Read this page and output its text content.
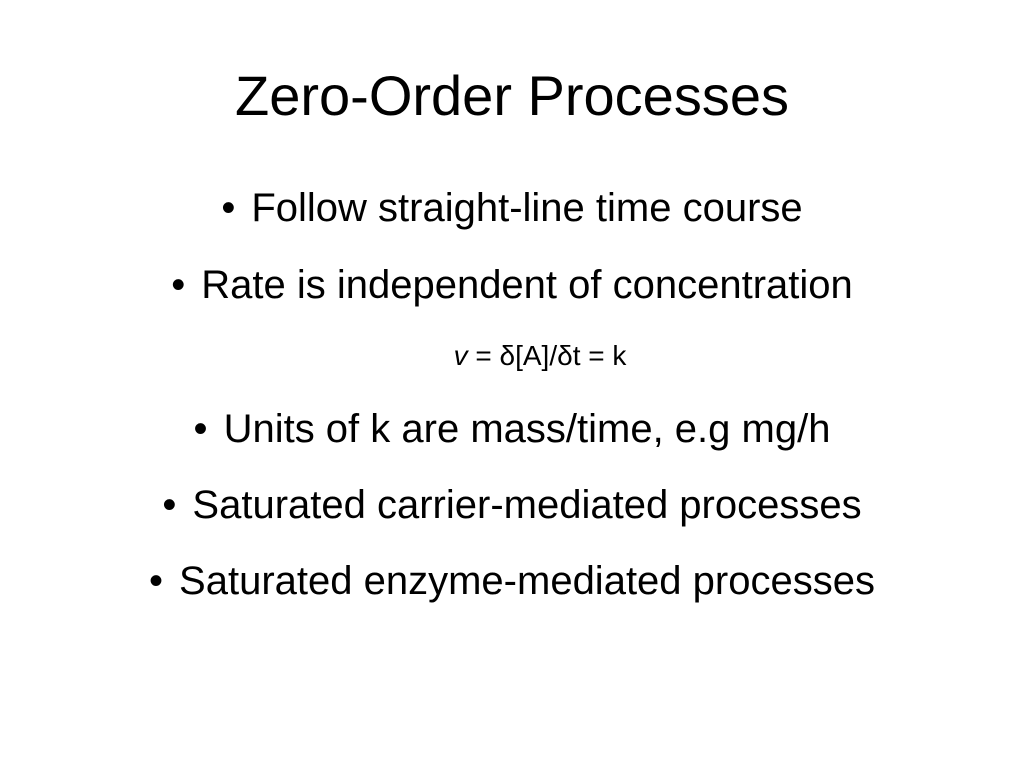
Zero-Order Processes
• Follow straight-line time course
• Rate is independent of concentration
v = δ[A]/δt = k
• Units of k are mass/time, e.g mg/h
• Saturated carrier-mediated processes
• Saturated enzyme-mediated processes
